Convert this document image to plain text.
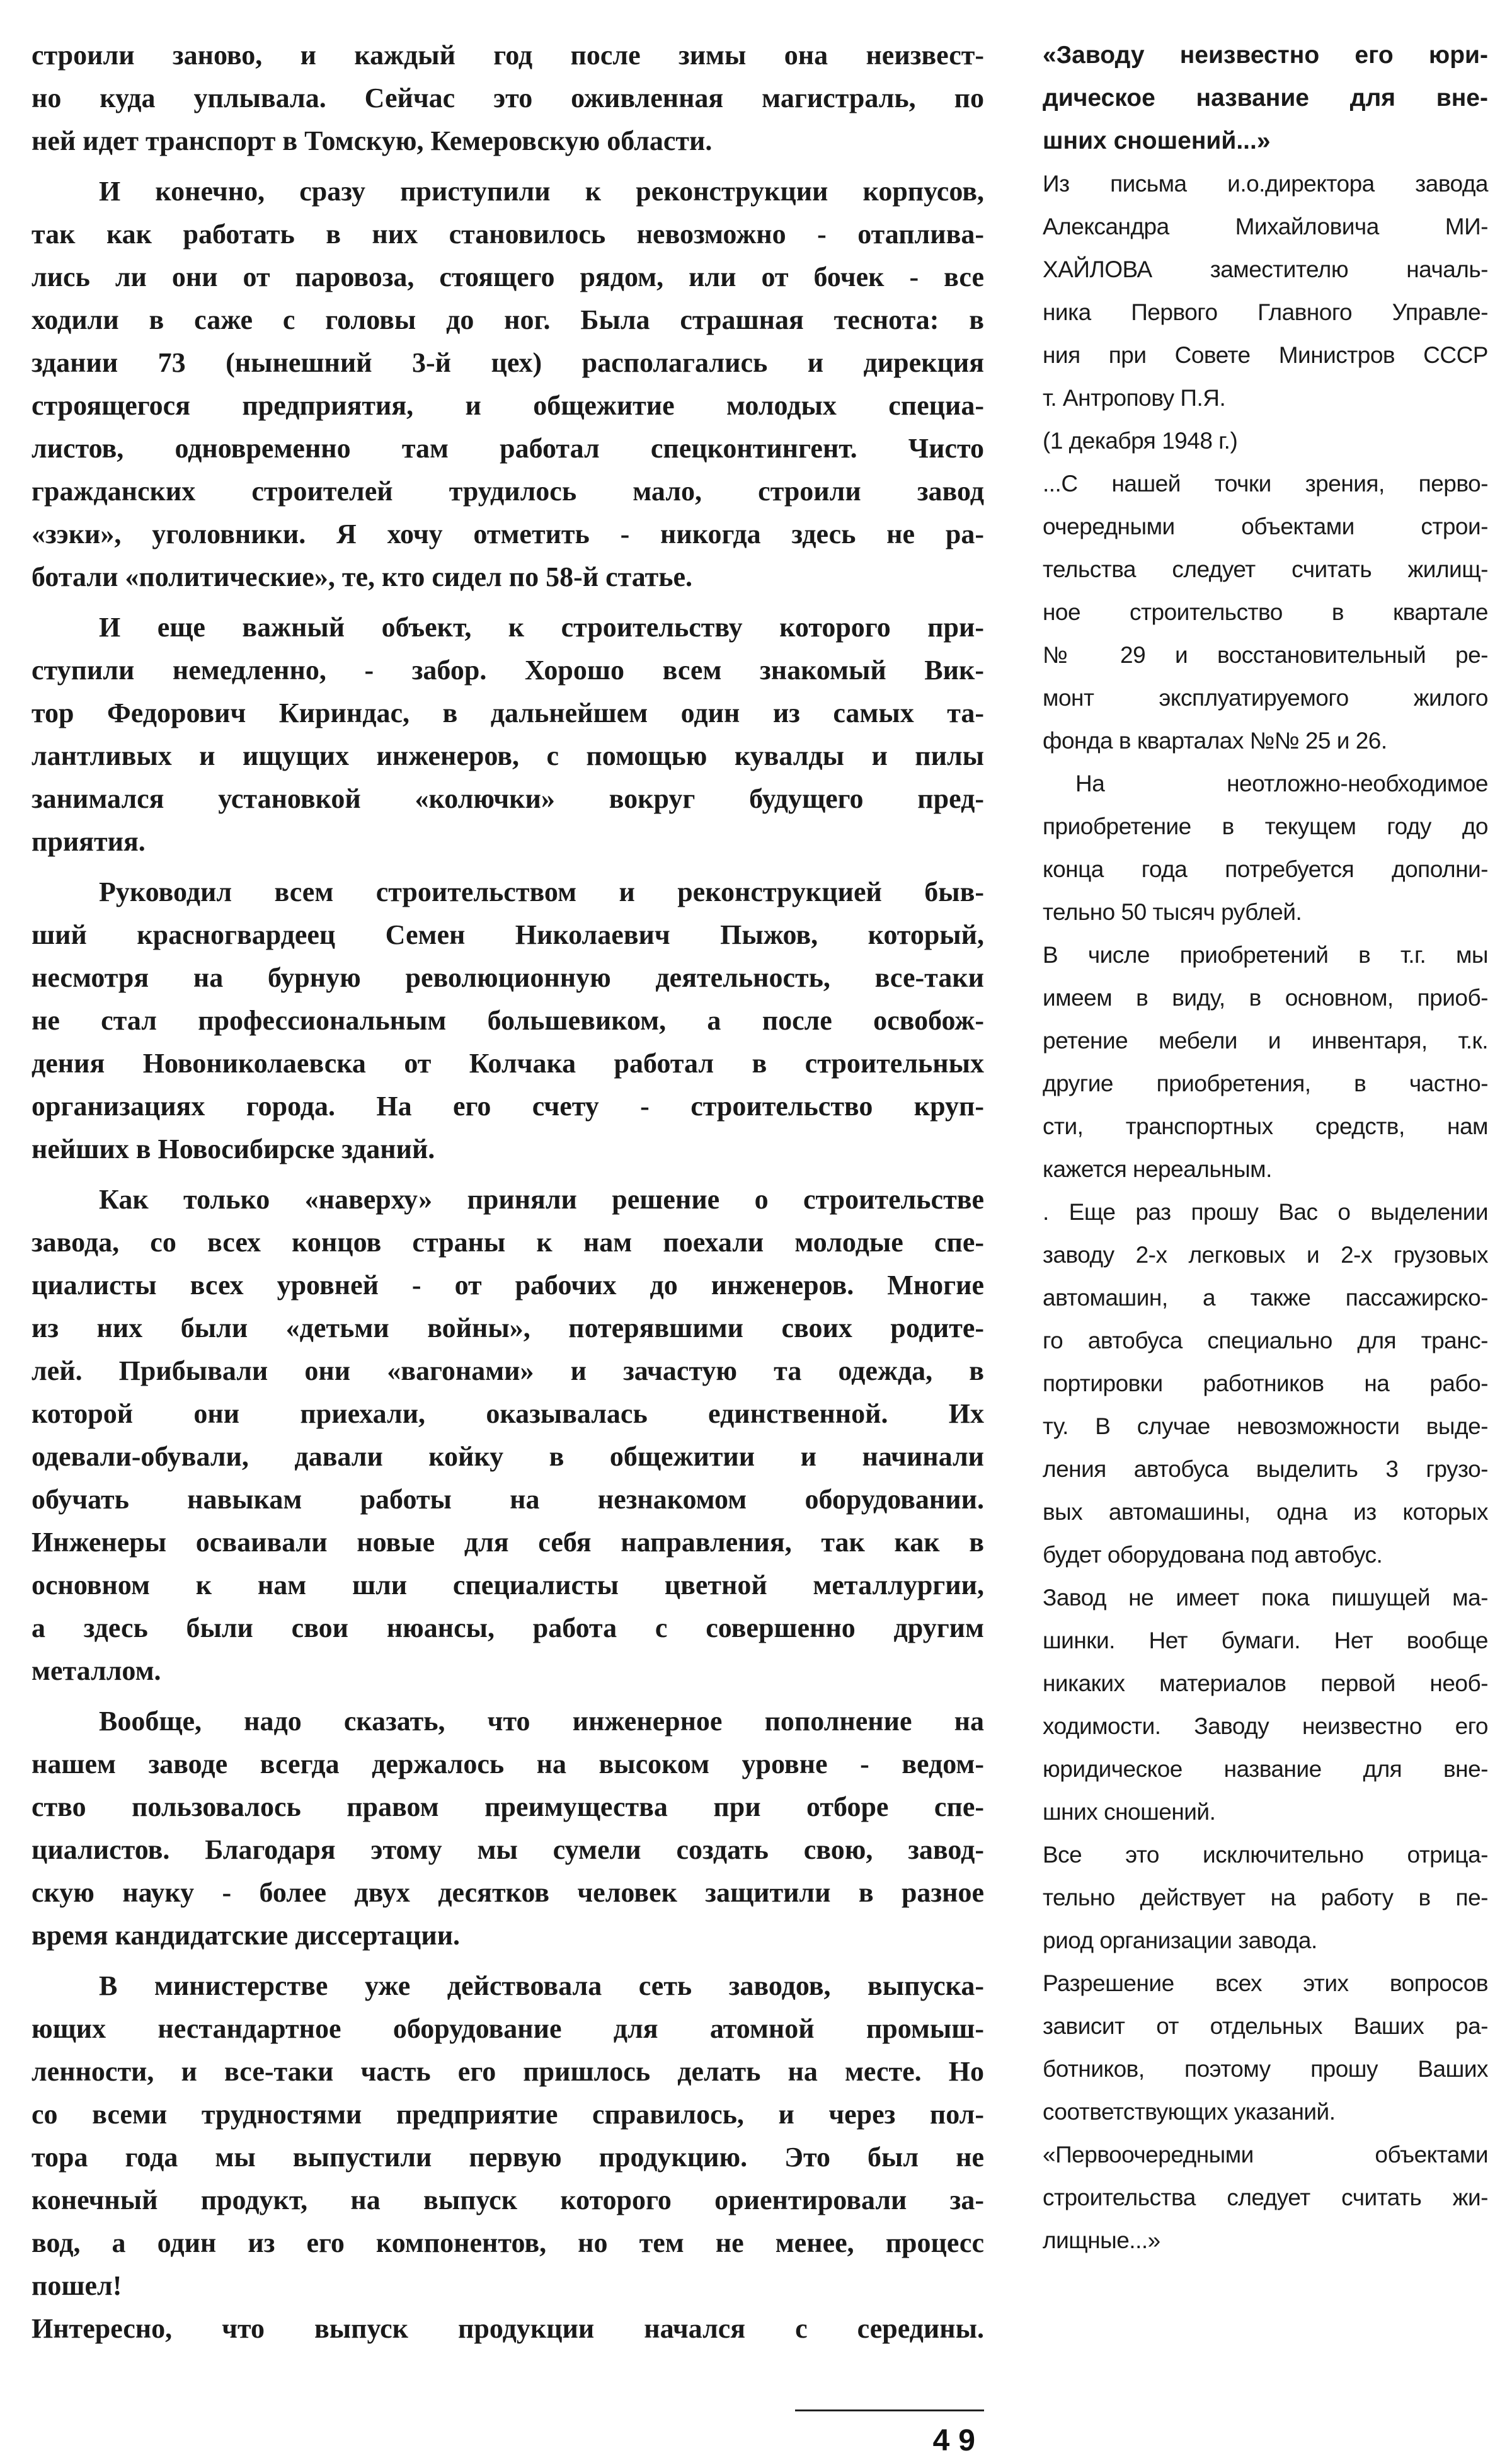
строили заново, и каждый год после зимы она неизвест-
но куда уплывала. Сейчас это оживленная магистраль, по
ней идет транспорт в Томскую, Кемеровскую области.
И конечно, сразу приступили к реконструкции корпусов,
так как работать в них становилось невозможно - отаплива-
лись ли они от паровоза, стоящего рядом, или от бочек - все
ходили в саже с головы до ног. Была страшная теснота: в
здании 73 (нынешний 3-й цех) располагались и дирекция
строящегося предприятия, и общежитие молодых специа-
листов, одновременно там работал спецконтингент. Чисто
гражданских строителей трудилось мало, строили завод
«зэки», уголовники. Я хочу отметить - никогда здесь не ра-
ботали «политические», те, кто сидел по 58-й статье.
И еще важный объект, к строительству которого при-
ступили немедленно, - забор. Хорошо всем знакомый Вик-
тор Федорович Кириндас, в дальнейшем один из самых та-
лантливых и ищущих инженеров, с помощью кувалды и пилы
занимался установкой «колючки» вокруг будущего пред-
приятия.
Руководил всем строительством и реконструкцией быв-
ший красногвардеец Семен Николаевич Пыжов, который,
несмотря на бурную революционную деятельность, все-таки
не стал профессиональным большевиком, а после освобож-
дения Новониколаевска от Колчака работал в строительных
организациях города. На его счету - строительство круп-
нейших в Новосибирске зданий.
Как только «наверху» приняли решение о строительстве
завода, со всех концов страны к нам поехали молодые спе-
циалисты всех уровней - от рабочих до инженеров. Многие
из них были «детьми войны», потерявшими своих родите-
лей. Прибывали они «вагонами» и зачастую та одежда, в
которой они приехали, оказывалась единственной. Их
одевали-обували, давали койку в общежитии и начинали
обучать навыкам работы на незнакомом оборудовании.
Инженеры осваивали новые для себя направления, так как в
основном к нам шли специалисты цветной металлургии,
а здесь были свои нюансы, работа с совершенно другим
металлом.
Вообще, надо сказать, что инженерное пополнение на
нашем заводе всегда держалось на высоком уровне - ведом-
ство пользовалось правом преимущества при отборе спе-
циалистов. Благодаря этому мы сумели создать свою, завод-
скую науку - более двух десятков человек защитили в разное
время кандидатские диссертации.
В министерстве уже действовала сеть заводов, выпуска-
ющих нестандартное оборудование для атомной промыш-
ленности, и все-таки часть его пришлось делать на месте. Но
со всеми трудностями предприятие справилось, и через пол-
тора года мы выпустили первую продукцию. Это был не
конечный продукт, на выпуск которого ориентировали за-
вод, а один из его компонентов, но тем не менее, процесс
пошел!
Интересно, что выпуск продукции начался с середины.
«Заводу неизвестно его юри-
дическое название для вне-
шних сношений...»
Из письма и.о.директора завода
Александра Михайловича МИ-
ХАЙЛОВА заместителю началь-
ника Первого Главного Управле-
ния при Совете Министров СССР
т. Антропову П.Я.
(1 декабря 1948 г.)
...С нашей точки зрения, перво-
очередными объектами строи-
тельства следует считать жилищ-
ное строительство в квартале
№ 29 и восстановительный ре-
монт эксплуатируемого жилого
фонда в кварталах №№ 25 и 26.
На неотложно-необходимое
приобретение в текущем году до
конца года потребуется дополни-
тельно 50 тысяч рублей.
В числе приобретений в т.г. мы
имеем в виду, в основном, приоб-
ретение мебели и инвентаря, т.к.
другие приобретения, в частно-
сти, транспортных средств, нам
кажется нереальным.
. Еще раз прошу Вас о выделении
заводу 2-х легковых и 2-х грузовых
автомашин, а также пассажирско-
го автобуса специально для транс-
портировки работников на рабо-
ту. В случае невозможности выде-
ления автобуса выделить 3 грузо-
вых автомашины, одна из которых
будет оборудована под автобус.
Завод не имеет пока пишущей ма-
шинки. Нет бумаги. Нет вообще
никаких материалов первой необ-
ходимости. Заводу неизвестно его
юридическое название для вне-
шних сношений.
Все это исключительно отрица-
тельно действует на работу в пе-
риод организации завода.
Разрешение всех этих вопросов
зависит от отдельных Ваших ра-
ботников, поэтому прошу Ваших
соответствующих указаний.
«Первоочередными объектами
строительства следует считать жи-
лищные...»
49
